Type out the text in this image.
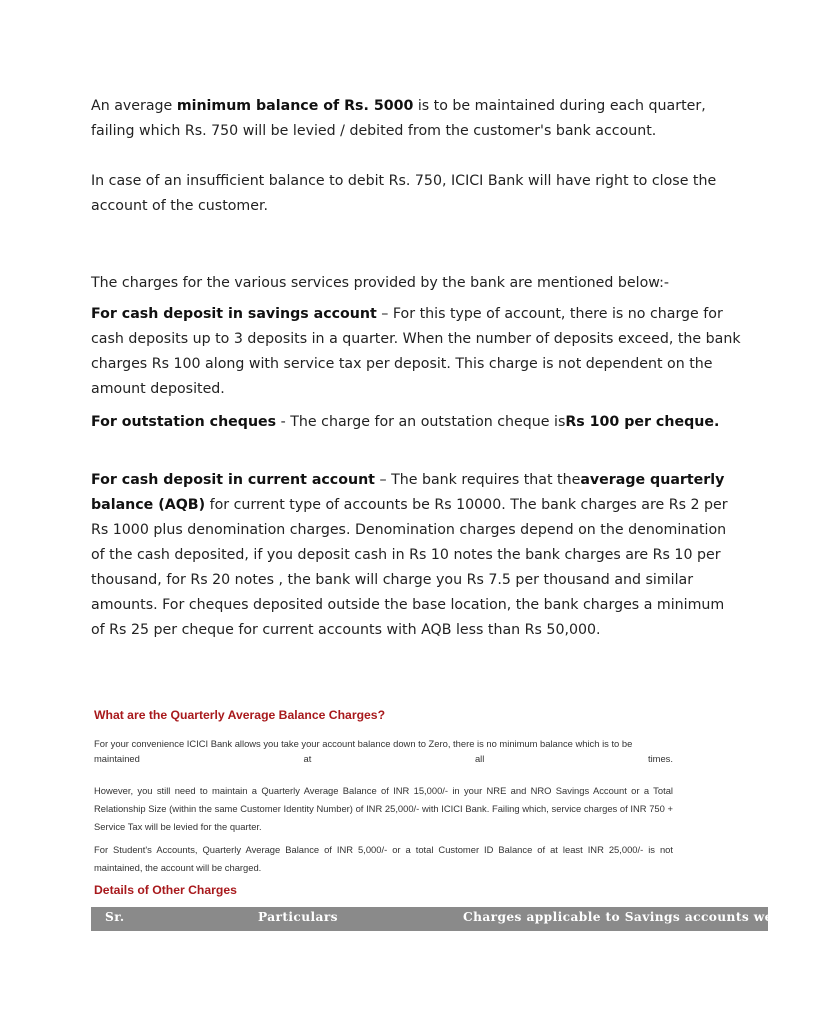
An average minimum balance of Rs. 5000 is to be maintained during each quarter, failing which Rs. 750 will be levied / debited from the customer's bank account.

In case of an insufficient balance to debit Rs. 750, ICICI Bank will have right to close the account of the customer.

The charges for the various services provided by the bank are mentioned below:-

For cash deposit in savings account – For this type of account, there is no charge for cash deposits up to 3 deposits in a quarter. When the number of deposits exceed, the bank charges Rs 100 along with service tax per deposit. This charge is not dependent on the amount deposited.

For outstation cheques - The charge for an outstation cheque isRs 100 per cheque.

For cash deposit in current account – The bank requires that theaverage quarterly balance (AQB) for current type of accounts be Rs 10000. The bank charges are Rs 2 per Rs 1000 plus denomination charges. Denomination charges depend on the denomination of the cash deposited, if you deposit cash in Rs 10 notes the bank charges are Rs 10 per thousand, for Rs 20 notes , the bank will charge you Rs 7.5 per thousand and similar amounts. For cheques deposited outside the base location, the bank charges a minimum of Rs 25 per cheque for current accounts with AQB less than Rs 50,000.

What are the Quarterly Average Balance Charges?

For your convenience ICICI Bank allows you take your account balance down to Zero, there is no minimum balance which is to be

maintained	at	all	times.

However, you still need to maintain a Quarterly Average Balance of INR 15,000/- in your NRE and NRO Savings Account or a Total Relationship Size (within the same Customer Identity Number) of INR 25,000/- with ICICI Bank. Failing which, service charges of INR 750 + Service Tax will be levied for the quarter.

For Student's Accounts, Quarterly Average Balance of INR 5,000/- or a total Customer ID Balance of at least INR 25,000/- is not maintained, the account will be charged.

Details of Other Charges
Sr.	Particulars	Charges applicable to Savings accounts wef 23rd
